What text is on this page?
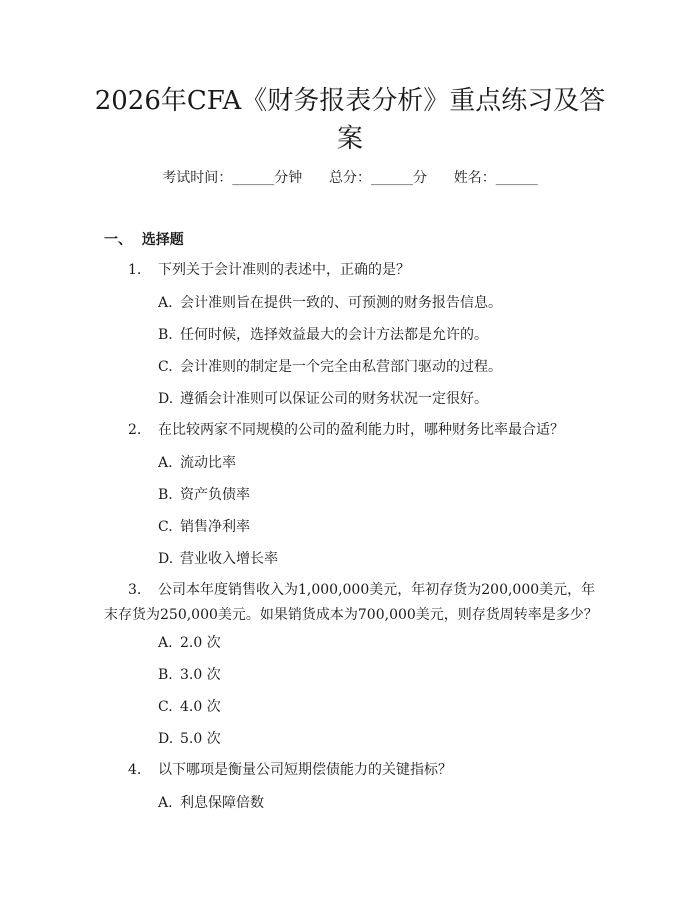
2026年CFA《财务报表分析》重点练习及答案
考试时间：______分钟 总分：______分 姓名：______
一、 选择题

1. 下列关于会计准则的表述中，正确的是？

A. 会计准则旨在提供一致的、可预测的财务报告信息。
B. 任何时候，选择效益最大的会计方法都是允许的。
C. 会计准则的制定是一个完全由私营部门驱动的过程。
D. 遵循会计准则可以保证公司的财务状况一定很好。

2. 在比较两家不同规模的公司的盈利能力时，哪种财务比率最合适？

A. 流动比率
B. 资产负债率
C. 销售净利率
D. 营业收入增长率

3. 公司本年度销售收入为1,000,000美元，年初存货为200,000美元，年末存货为250,000美元。如果销货成本为700,000美元，则存货周转率是多少？

A. 2.0 次
B. 3.0 次
C. 4.0 次
D. 5.0 次

4. 以下哪项是衡量公司短期偿债能力的关键指标？

A. 利息保障倍数
